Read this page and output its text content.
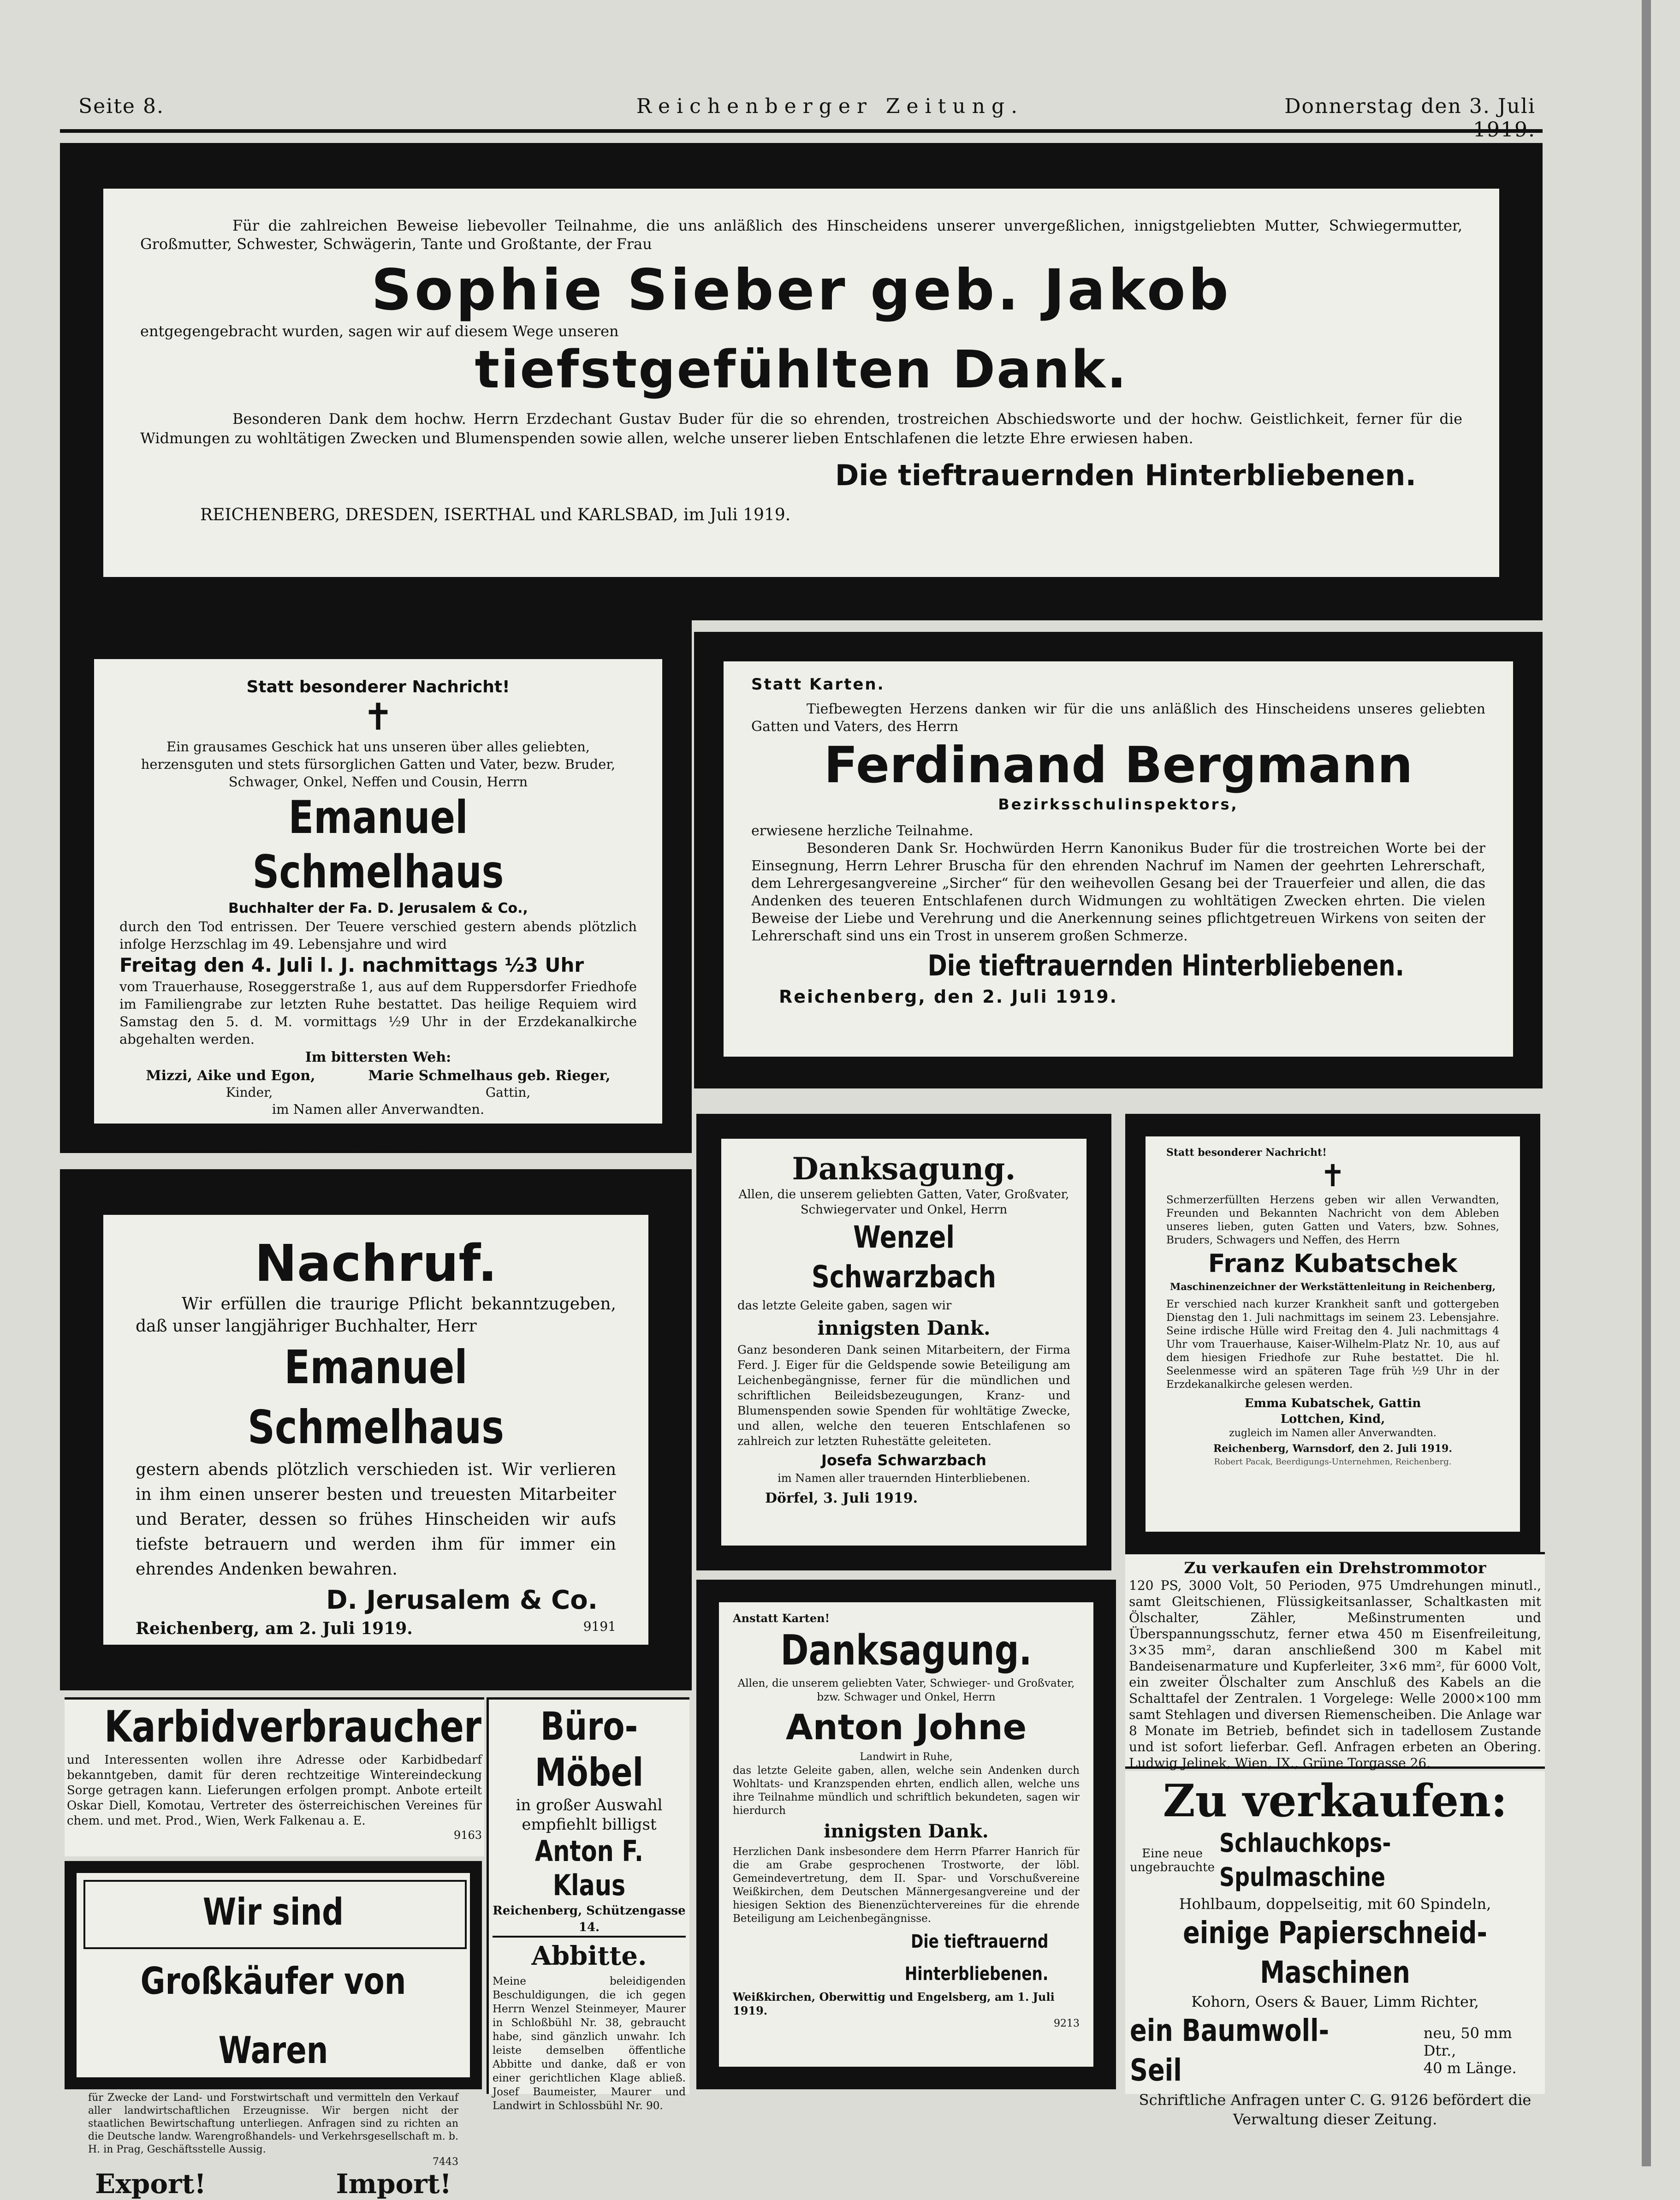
Seite 8.	Reichenberger Zeitung.	Donnerstag den 3. Juli
Für die zahlreichen Beweise liebevoller Teilnahme, die uns anläßlich des Hinscheidens unserer unvergeßlichen, innigstgeliebten Mutter, Schwiegermutter, Großmutter, Schwester, Schwägerin, Tante und Großtante, der Frau
Sophie Sieber geb. Jakob
entgegengebracht wurden, sagen wir auf diesem Wege unseren
tiefstgefühlten Dank.
Besonderen Dank dem hochw. Herrn Erzdechant Gustav Buder für die so ehrenden, trostreichen Abschiedsworte und der hochw. Geistlichkeit, ferner für die Widmungen zu wohltätigen Zwecken und Blumenspenden sowie allen, welche unserer lieben Entschlafenen die letzte Ehre erwiesen haben.
Die tieftrauernden Hinterbliebenen.
REICHENBERG, DRESDEN, ISERTHAL und KARLSBAD, im Juli 1919.
Statt besonderer Nachricht!
✝
Ein grausames Geschick hat uns unseren über alles geliebten, herzensguten und stets fürsorglichen Gatten und Vater, bezw. Bruder, Schwager, Onkel, Neffen und Cousin, Herrn
Emanuel Schmelhaus
Buchhalter der Fa. D. Jerusalem & Co.,
durch den Tod entrissen. Der Teuere verschied gestern abends plötzlich infolge Herzschlag im 49. Lebensjahre und wird
Freitag den 4. Juli l. J. nachmittags ½3 Uhr
vom Trauerhause, Roseggerstraße 1, aus auf dem Ruppersdorfer Friedhofe im Familiengrabe zur letzten Ruhe bestattet. Das heilige Requiem wird Samstag den 5. d. M. vormittags ½9 Uhr in der Erzdekanalkirche abgehalten werden.
Im bittersten Weh:
Mizzi, Aike und Egon,	Marie Schmelhaus geb. Rieger,
Kinder,	Gattin,
im Namen aller Anverwandten.
Reichenberg, Ruppersdorf, Starkenbach und Zürich, am 2. Juli 1919.
Erste Reichenberger Bestattungsanstalt „Concordia“.
Statt Karten.
Tiefbewegten Herzens danken wir für die uns anläßlich des Hinscheidens unseres geliebten Gatten und Vaters, des Herrn
Ferdinand Bergmann
Bezirksschulinspektors,
erwiesene herzliche Teilnahme.
Besonderen Dank Sr. Hochwürden Herrn Kanonikus Buder für die trostreichen Worte bei der Einsegnung, Herrn Lehrer Bruscha für den ehrenden Nachruf im Namen der geehrten Lehrerschaft, dem Lehrergesangvereine „Sircher“ für den weihevollen Gesang bei der Trauerfeier und allen, die das Andenken des teueren Entschlafenen durch Widmungen zu wohltätigen Zwecken ehrten. Die vielen Beweise der Liebe und Verehrung und die Anerkennung seines pflichtgetreuen Wirkens von seiten der Lehrerschaft sind uns ein Trost in unserem großen Schmerze.
Die tieftrauernden Hinterbliebenen.
Reichenberg, den 2. Juli 1919.
Nachruf.
Wir erfüllen die traurige Pflicht bekanntzugeben, daß unser langjähriger Buchhalter, Herr
Emanuel Schmelhaus
gestern abends plötzlich verschieden ist. Wir verlieren in ihm einen unserer besten und treuesten Mitarbeiter und Berater, dessen so frühes Hinscheiden wir aufs tiefste betrauern und werden ihm für immer ein ehrendes Andenken bewahren.
D. Jerusalem & Co.
Reichenberg, am 2. Juli 1919.	9191
Danksagung.
Allen, die unserem geliebten Gatten, Vater, Großvater, Schwiegervater und Onkel, Herrn
Wenzel Schwarzbach
das letzte Geleite gaben, sagen wir
innigsten Dank.
Ganz besonderen Dank seinen Mitarbeitern, der Firma Ferd. J. Eiger für die Geldspende sowie Beteiligung am Leichenbegängnisse, ferner für die mündlichen und schriftlichen Beileidsbezeugungen, Kranz- und Blumenspenden sowie Spenden für wohltätige Zwecke, und allen, welche den teueren Entschlafenen so zahlreich zur letzten Ruhestätte geleiteten.
Josefa Schwarzbach
im Namen aller trauernden Hinterbliebenen.
Dörfel, 3. Juli 1919.
Statt besonderer Nachricht!
✝
Schmerzerfüllten Herzens geben wir allen Verwandten, Freunden und Bekannten Nachricht von dem Ableben unseres lieben, guten Gatten und Vaters, bzw. Sohnes, Bruders, Schwagers und Neffen, des Herrn
Franz Kubatschek
Maschinenzeichner der Werkstättenleitung in Reichenberg,
Er verschied nach kurzer Krankheit sanft und gottergeben Dienstag den 1. Juli nachmittags im seinem 23. Lebensjahre. Seine irdische Hülle wird Freitag den 4. Juli nachmittags 4 Uhr vom Trauerhause, Kaiser-Wilhelm-Platz Nr. 10, aus auf dem hiesigen Friedhofe zur Ruhe bestattet. Die hl. Seelenmesse wird an späteren Tage früh ½9 Uhr in der Erzdekanalkirche gelesen werden.
Emma Kubatschek, Gattin
Lottchen, Kind,
zugleich im Namen aller Anverwandten.
Reichenberg, Warnsdorf, den 2. Juli 1919.
Robert Pacak, Beerdigungs-Unternehmen, Reichenberg.
Zu verkaufen ein Drehstrommotor
120 PS, 3000 Volt, 50 Perioden, 975 Umdrehungen minutl., samt Gleitschienen, Flüssigkeitsanlasser, Schaltkasten mit Ölschalter, Zähler, Meßinstrumenten und Überspannungsschutz, ferner etwa 450 m Eisenfreileitung, 3×35 mm², daran anschließend 300 m Kabel mit Bandeisenarmature und Kupferleiter, 3×6 mm², für 6000 Volt, ein zweiter Ölschalter zum Anschluß des Kabels an die Schalttafel der Zentralen. 1 Vorgelege: Welle 2000×100 mm samt Stehlagen und diversen Riemenscheiben. Die Anlage war 8 Monate im Betrieb, befindet sich in tadellosem Zustande und ist sofort lieferbar. Gefl. Anfragen erbeten an Obering. Ludwig Jelinek, Wien, IX., Grüne Torgasse 26.
Karbidverbraucher
und Interessenten wollen ihre Adresse oder Karbidbedarf bekanntgeben, damit für deren rechtzeitige Wintereindeckung Sorge getragen kann. Lieferungen erfolgen prompt. Anbote erteilt Oskar Diell, Komotau, Vertreter des österreichischen Vereines für chem. und met. Prod., Wien, Werk Falkenau a. E.
9163
Büro-Möbel
in großer Auswahl
empfiehlt billigst
Anton F. Klaus
Reichenberg, Schützengasse 14.
Abbitte.
Meine beleidigenden Beschuldigungen, die ich gegen Herrn Wenzel Steinmeyer, Maurer in Schloßbühl Nr. 38, gebraucht habe, sind gänzlich unwahr. Ich leiste demselben öffentliche Abbitte und danke, daß er von einer gerichtlichen Klage abließ. Josef Baumeister, Maurer und Landwirt in Schlossbühl Nr. 90.
Wir sind Großkäufer von Waren
für Zwecke der Land- und Forstwirtschaft und vermitteln den Verkauf aller landwirtschaftlichen Erzeugnisse. Wir bergen nicht der staatlichen Bewirtschaftung unterliegen. Anfragen sind zu richten an die Deutsche landw. Warengroßhandels- und Verkehrsgesellschaft m. b. H. in Prag, Geschäftsstelle Aussig.
7443
Export!	Import!
Anstatt Karten!
Danksagung.
Allen, die unserem geliebten Vater, Schwieger- und Großvater, bzw. Schwager und Onkel, Herrn
Anton Johne
Landwirt in Ruhe,
das letzte Geleite gaben, allen, welche sein Andenken durch Wohltats- und Kranzspenden ehrten, endlich allen, welche uns ihre Teilnahme mündlich und schriftlich bekundeten, sagen wir hierdurch
innigsten Dank.
Herzlichen Dank insbesondere dem Herrn Pfarrer Hanrich für die am Grabe gesprochenen Trostworte, der löbl. Gemeindevertretung, dem II. Spar- und Vorschußvereine Weißkirchen, dem Deutschen Männergesangvereine und der hiesigen Sektion des Bienenzüchtervereines für die ehrende Beteiligung am Leichenbegängnisse.
Die tieftrauernd Hinterbliebenen.
Weißkirchen, Oberwittig und Engelsberg, am 1. Juli 1919.
9213
Zu verkaufen:
Eine neue
ungebrauchte
Schlauchkops-Spulmaschine
Hohlbaum, doppelseitig, mit 60 Spindeln,
einige Papierschneid-Maschinen
Kohorn, Osers & Bauer, Limm Richter,
ein Baumwoll-Seil
neu, 50 mm Dtr.,
40 m Länge.
Schriftliche Anfragen unter C. G. 9126 befördert die Verwaltung dieser Zeitung.
